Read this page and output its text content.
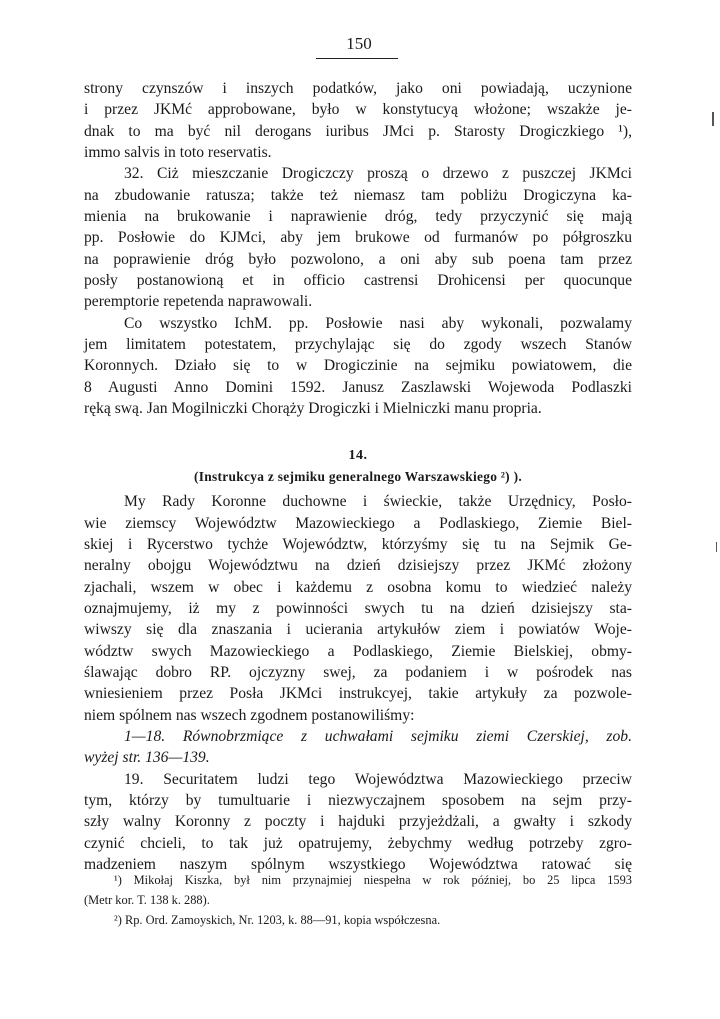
150
strony czynszów i inszych podatków, jako oni powiadają, uczynione
i przez JKMć approbowane, było w konstytucyą włożone; wszakże je-
dnak to ma być nil derogans iuribus JMci p. Starosty Drogiczkiego ¹),
immo salvis in toto reservatis.
32. Ciż mieszczanie Drogiczczy proszą o drzewo z puszczej JKMci
na zbudowanie ratusza; także też niemasz tam pobliżu Drogiczyna ka-
mienia na brukowanie i naprawienie dróg, tedy przyczynić się mają
pp. Posłowie do KJMci, aby jem brukowe od furmanów po półgroszku
na poprawienie dróg było pozwolono, a oni aby sub poena tam przez
posły postanowioną et in officio castrensi Drohicensi per quocunque
peremptorie repetenda naprawowali.
Co wszystko IchM. pp. Posłowie nasi aby wykonali, pozwalamy
jem limitatem potestatem, przychylając się do zgody wszech Stanów
Koronnych. Działo się to w Drogiczinie na sejmiku powiatowem, die
8 Augusti Anno Domini 1592. Janusz Zaszlawski Wojewoda Podlaszki
ręką swą. Jan Mogilniczki Chorąży Drogiczki i Mielniczki manu propria.
14.
(Instrukcya z sejmiku generalnego Warszawskiego ²) ).
My Rady Koronne duchowne i świeckie, także Urzędnicy, Posło-
wie ziemscy Województw Mazowieckiego a Podlaskiego, Ziemie Biel-
skiej i Rycerstwo tychże Województw, którzyśmy się tu na Sejmik Ge-
neralny obojgu Województwu na dzień dzisiejszy przez JKMć złożony
zjachali, wszem w obec i każdemu z osobna komu to wiedzieć należy
oznajmujemy, iż my z powinności swych tu na dzień dzisiejszy sta-
wiwszy się dla znaszania i ucierania artykułów ziem i powiatów Woje-
wództw swych Mazowieckiego a Podlaskiego, Ziemie Bielskiej, obmy-
ślawając dobro RP. ojczyzny swej, za podaniem i w pośrodek nas
wniesieniem przez Posła JKMci instrukcyej, takie artykuły za pozwole-
niem spólnem nas wszech zgodnem postanowiliśmy:
1—18. Równobrzmiące z uchwałami sejmiku ziemi Czerskiej, zob.
wyżej str. 136—139.
19. Securitatem ludzi tego Województwa Mazowieckiego przeciw
tym, którzy by tumultuarie i niezwyczajnem sposobem na sejm przy-
szły walny Koronny z poczty i hajduki przyjeżdżali, a gwałty i szkody
czynić chcieli, to tak już opatrujemy, żebychmy według potrzeby zgro-
madzeniem naszym spólnym wszystkiego Województwa ratować się
¹) Mikołaj Kiszka, był nim przynajmiej niespełna w rok później, bo 25 lipca 1593
(Metr kor. T. 138 k. 288).
²) Rp. Ord. Zamoyskich, Nr. 1203, k. 88—91, kopia współczesna.
